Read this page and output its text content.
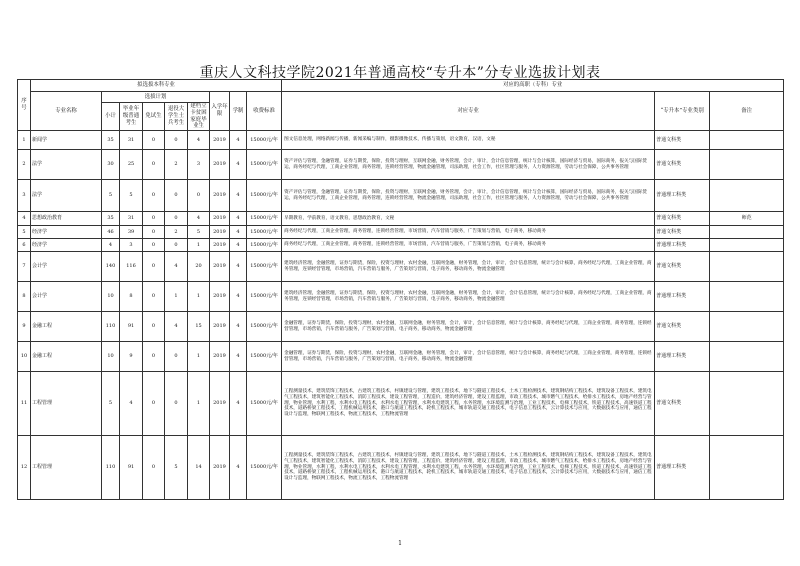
重庆人文科技学院2021年普通高校“专升本”分专业选拔计划表
序号	拟选拔本科专业									对应的高职（专科）专业		
	专业名称	选拔计划					入学年限	学制	收费标准	对应专业	“专升本”专业类别	备注
		小计	毕业年级普通考生	免试生	退役大学生士兵考生	建档立卡贫困家庭毕业生						
1	新闻学	35	31	0	0	4	2019	4	15000元/年	图文信息处理，网络新闻与传播，新闻采编与制作，摄影摄像技术，传播与策划，语文教育，汉语，文秘	普通文科类	
2	法学	30	25	0	2	3	2019	4	15000元/年	资产评估与管理，金融管理，证券与期货，保险，投资与理财，互联网金融，财务管理，会计，审计，会计信息管理，统计与会计核算，国际经济与贸易，国际商务，报关与国际货运，商务经纪与代理，工商企业管理，商务管理，连锁经营管理，物流金融管理，司法助理，社会工作，社区管理与服务，人力资源管理，劳动与社会保障，公共事务管理	普通文科类	
3	法学	5	5	0	0	0	2019	4	15000元/年	资产评估与管理，金融管理，证券与期货，保险，投资与理财，互联网金融，财务管理，会计，审计，会计信息管理，统计与会计核算，国际经济与贸易，国际商务，报关与国际货运，商务经纪与代理，工商企业管理，商务管理，连锁经营管理，物流金融管理，司法助理，社会工作，社区管理与服务，人力资源管理，劳动与社会保障，公共事务管理	普通理工科类	
4	思想政治教育	35	31	0	0	4	2019	4	15000元/年	早期教育，学前教育，语文教育，思想政治教育，文秘	普通文科类	师范
5	经济学	46	39	0	2	5	2019	4	15000元/年	商务经纪与代理，工商企业管理，商务管理，连锁经营管理，市场营销，汽车营销与服务，广告策划与营销，电子商务，移动商务	普通文科类	
6	经济学	4	3	0	0	1	2019	4	15000元/年	商务经纪与代理，工商企业管理，商务管理，连锁经营管理，市场营销，汽车营销与服务，广告策划与营销，电子商务，移动商务	普通理工科类	
7	会计学	140	116	0	4	20	2019	4	15000元/年	建筑经济管理，金融管理，证券与期货，保险，投资与理财，农村金融，互联网金融，财务管理，会计，审计，会计信息管理，统计与会计核算，商务经纪与代理，工商企业管理，商务管理，连锁经营管理，市场营销，汽车营销与服务，广告策划与营销，电子商务，移动商务，物流金融管理	普通文科类	
8	会计学	10	8	0	1	1	2019	4	15000元/年	建筑经济管理，金融管理，证券与期货，保险，投资与理财，农村金融，互联网金融，财务管理，会计，审计，会计信息管理，统计与会计核算，商务经纪与代理，工商企业管理，商务管理，连锁经营管理，市场营销，汽车营销与服务，广告策划与营销，电子商务，移动商务，物流金融管理	普通理工科类	
9	金融工程	110	91	0	4	15	2019	4	15000元/年	金融管理，证券与期货，保险，投资与理财，农村金融，互联网金融，财务管理，会计，审计，会计信息管理，统计与会计核算，商务经纪与代理，工商企业管理，商务管理，连锁经营管理，市场营销，汽车营销与服务，广告策划与营销，电子商务，移动商务，物流金融管理	普通文科类	
10	金融工程	10	9	0	0	1	2019	4	15000元/年	金融管理，证券与期货，保险，投资与理财，农村金融，互联网金融，财务管理，会计，审计，会计信息管理，统计与会计核算，商务经纪与代理，工商企业管理，商务管理，连锁经营管理，市场营销，汽车营销与服务，广告策划与营销，电子商务，移动商务，物流金融管理	普通理工科类	
11	工程管理	5	4	0	0	1	2019	4	15000元/年	工程测量技术，建筑装饰工程技术，古建筑工程技术，村镇建设与管理，建筑工程技术，地下与隧道工程技术，土木工程检测技术，建筑钢结构工程技术，建筑设备工程技术，建筑电气工程技术，建筑智能化工程技术，消防工程技术，建设工程管理，工程造价，建筑经济管理，建设工程监理，市政工程技术，城市燃气工程技术，给排水工程技术，房地产经营与管理，物业管理，水利工程，水利水电工程技术，水利水电工程管理，水利水电建筑工程，水务管理，水环境监测与治理，工业工程技术，电梯工程技术，铁道工程技术，高速铁道工程技术，道路桥梁工程技术，工程机械运用技术，港口与航道工程技术，轮机工程技术，城市轨道交通工程技术，电子信息工程技术，云计算技术与应用，大数据技术与应用，通信工程设计与监理，物联网工程技术，物流工程技术，工程物流管理	普通文科类	
12	工程管理	110	91	0	5	14	2019	4	15000元/年	工程测量技术，建筑装饰工程技术，古建筑工程技术，村镇建设与管理，建筑工程技术，地下与隧道工程技术，土木工程检测技术，建筑钢结构工程技术，建筑设备工程技术，建筑电气工程技术，建筑智能化工程技术，消防工程技术，建设工程管理，工程造价，建筑经济管理，建设工程监理，市政工程技术，城市燃气工程技术，给排水工程技术，房地产经营与管理，物业管理，水利工程，水利水电工程技术，水利水电工程管理，水利水电建筑工程，水务管理，水环境监测与治理，工业工程技术，电梯工程技术，铁道工程技术，高速铁道工程技术，道路桥梁工程技术，工程机械运用技术，港口与航道工程技术，轮机工程技术，城市轨道交通工程技术，电子信息工程技术，云计算技术与应用，大数据技术与应用，通信工程设计与监理，物联网工程技术，物流工程技术，工程物流管理	普通理工科类	
1
